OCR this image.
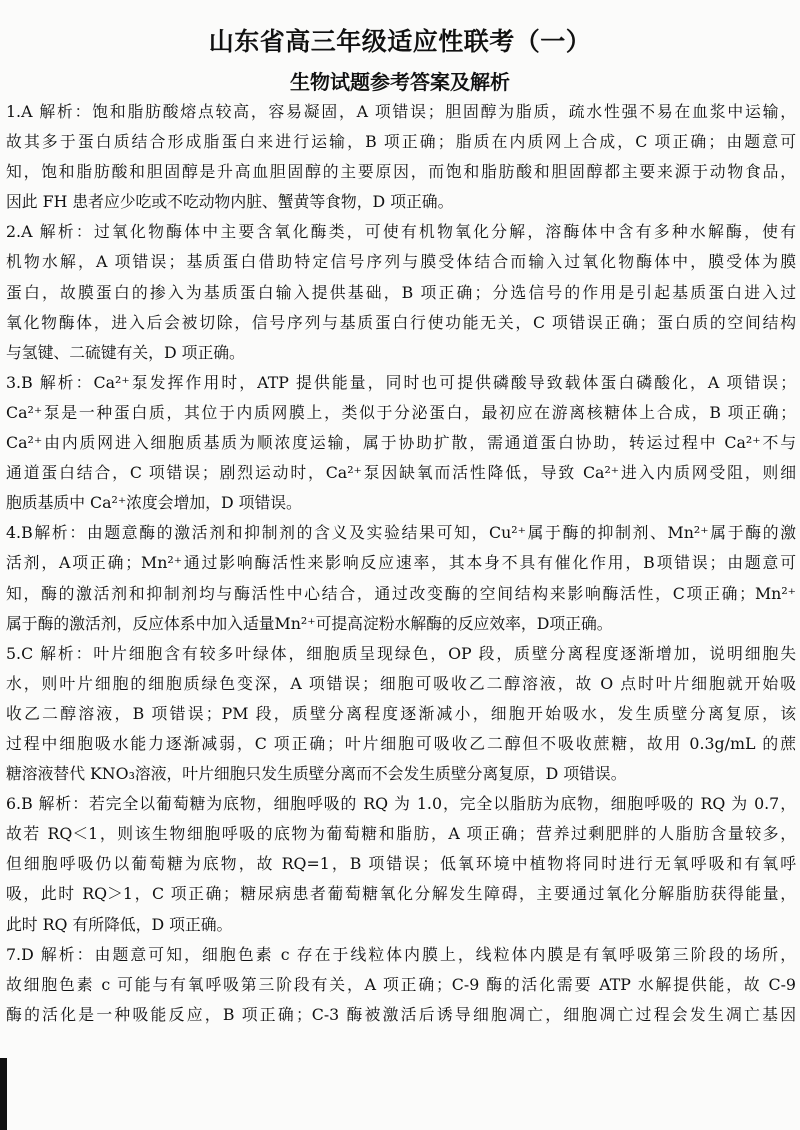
山东省高三年级适应性联考（一）
生物试题参考答案及解析
1.A 解析：饱和脂肪酸熔点较高，容易凝固，A 项错误；胆固醇为脂质，疏水性强不易在血浆中运输，
故其多于蛋白质结合形成脂蛋白来进行运输，B 项正确；脂质在内质网上合成，C 项正确；由题意可
知，饱和脂肪酸和胆固醇是升高血胆固醇的主要原因，而饱和脂肪酸和胆固醇都主要来源于动物食品，
因此 FH 患者应少吃或不吃动物内脏、蟹黄等食物，D 项正确。
2.A 解析：过氧化物酶体中主要含氧化酶类，可使有机物氧化分解，溶酶体中含有多种水解酶，使有
机物水解，A 项错误；基质蛋白借助特定信号序列与膜受体结合而输入过氧化物酶体中，膜受体为膜
蛋白，故膜蛋白的掺入为基质蛋白输入提供基础，B 项正确；分选信号的作用是引起基质蛋白进入过
氧化物酶体，进入后会被切除，信号序列与基质蛋白行使功能无关，C 项错误正确；蛋白质的空间结构
与氢键、二硫键有关，D 项正确。
3.B 解析：Ca²⁺泵发挥作用时，ATP 提供能量，同时也可提供磷酸导致载体蛋白磷酸化，A 项错误；
Ca²⁺泵是一种蛋白质，其位于内质网膜上，类似于分泌蛋白，最初应在游离核糖体上合成，B 项正确；
Ca²⁺由内质网进入细胞质基质为顺浓度运输，属于协助扩散，需通道蛋白协助，转运过程中 Ca²⁺不与
通道蛋白结合，C 项错误；剧烈运动时，Ca²⁺泵因缺氧而活性降低，导致 Ca²⁺进入内质网受阻，则细
胞质基质中 Ca²⁺浓度会增加，D 项错误。
4.B解析：由题意酶的激活剂和抑制剂的含义及实验结果可知，Cu²⁺属于酶的抑制剂、Mn²⁺属于酶的激
活剂，A项正确；Mn²⁺通过影响酶活性来影响反应速率，其本身不具有催化作用，B项错误；由题意可
知，酶的激活剂和抑制剂均与酶活性中心结合，通过改变酶的空间结构来影响酶活性，C项正确；Mn²⁺
属于酶的激活剂，反应体系中加入适量Mn²⁺可提高淀粉水解酶的反应效率，D项正确。
5.C 解析：叶片细胞含有较多叶绿体，细胞质呈现绿色，OP 段，质壁分离程度逐渐增加，说明细胞失
水，则叶片细胞的细胞质绿色变深，A 项错误；细胞可吸收乙二醇溶液，故 O 点时叶片细胞就开始吸
收乙二醇溶液，B 项错误；PM 段，质壁分离程度逐渐减小，细胞开始吸水，发生质壁分离复原，该
过程中细胞吸水能力逐渐减弱，C 项正确；叶片细胞可吸收乙二醇但不吸收蔗糖，故用 0.3g/mL 的蔗
糖溶液替代 KNO₃溶液，叶片细胞只发生质壁分离而不会发生质壁分离复原，D 项错误。
6.B 解析：若完全以葡萄糖为底物，细胞呼吸的 RQ 为 1.0，完全以脂肪为底物，细胞呼吸的 RQ 为 0.7，
故若 RQ＜1，则该生物细胞呼吸的底物为葡萄糖和脂肪，A 项正确；营养过剩肥胖的人脂肪含量较多，
但细胞呼吸仍以葡萄糖为底物，故 RQ=1，B 项错误；低氧环境中植物将同时进行无氧呼吸和有氧呼
吸，此时 RQ＞1，C 项正确；糖尿病患者葡萄糖氧化分解发生障碍，主要通过氧化分解脂肪获得能量，
此时 RQ 有所降低，D 项正确。
7.D 解析：由题意可知，细胞色素 c 存在于线粒体内膜上，线粒体内膜是有氧呼吸第三阶段的场所，
故细胞色素 c 可能与有氧呼吸第三阶段有关，A 项正确；C-9 酶的活化需要 ATP 水解提供能，故 C-9
酶的活化是一种吸能反应，B 项正确；C-3 酶被激活后诱导细胞凋亡，细胞凋亡过程会发生凋亡基因
